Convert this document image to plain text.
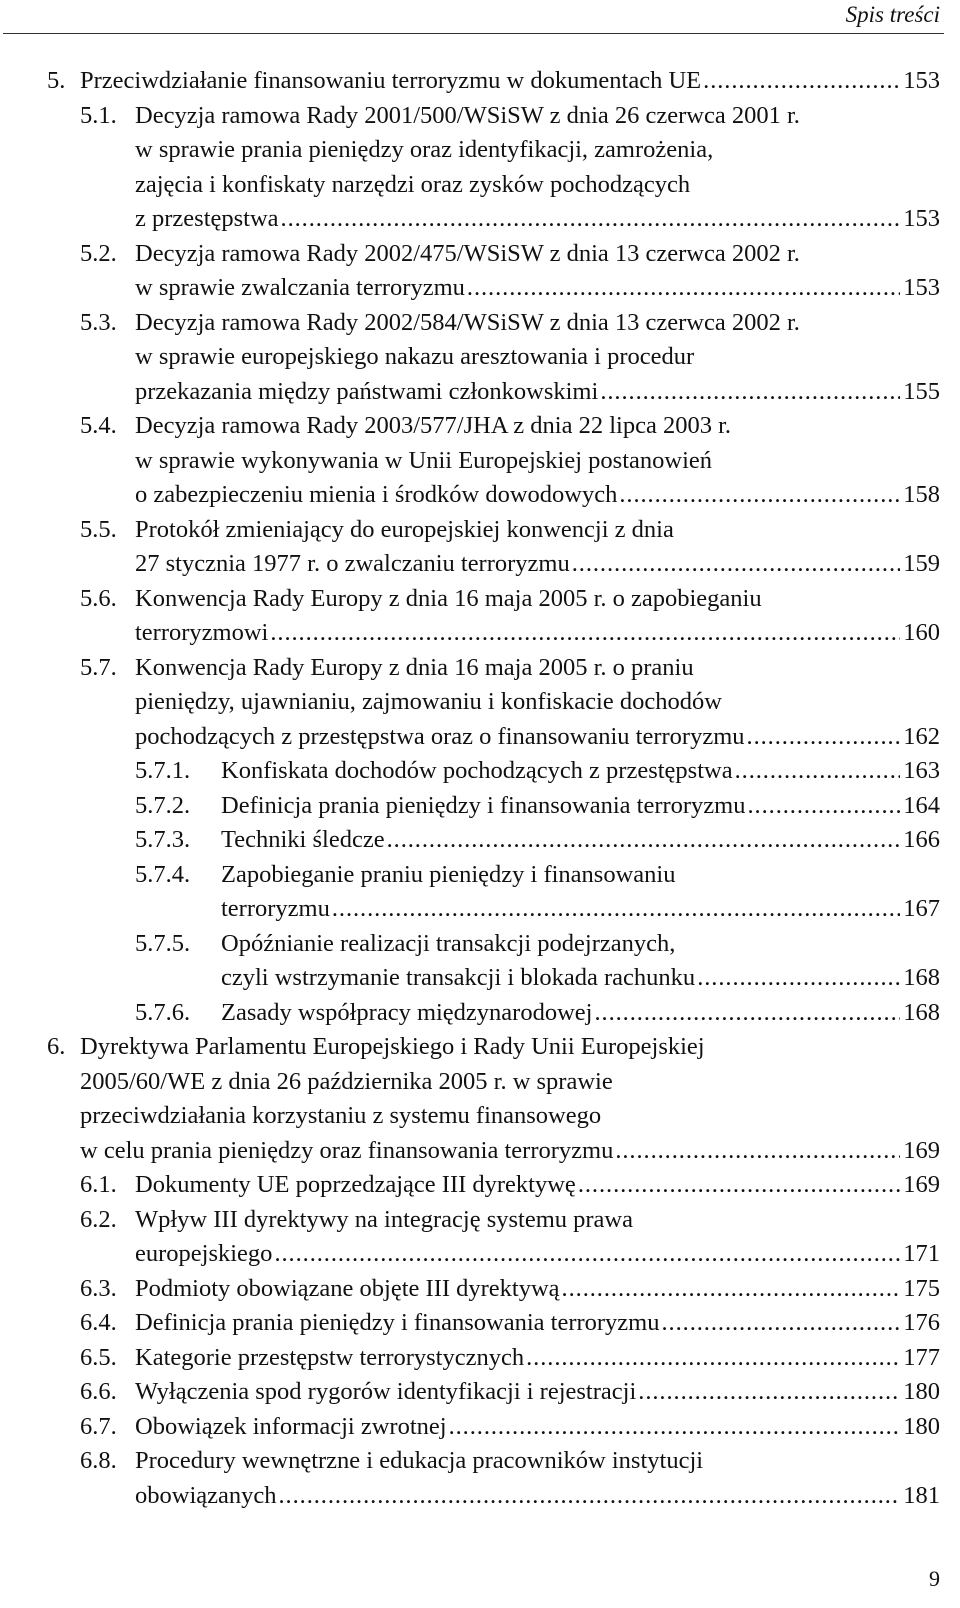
Spis treści
5. Przeciwdziałanie finansowaniu terroryzmu w dokumentach UE . . .	153
5.1. Decyzja ramowa Rady 2001/500/WSiSW z dnia 26 czerwca 2001 r.
w sprawie prania pieniędzy oraz identyfikacji, zamrożenia,
zajęcia i konfiskaty narzędzi oraz zysków pochodzących
z przestępstwa . . .	153
5.2. Decyzja ramowa Rady 2002/475/WSiSW z dnia 13 czerwca 2002 r.
w sprawie zwalczania terroryzmu . . .	153
5.3. Decyzja ramowa Rady 2002/584/WSiSW z dnia 13 czerwca 2002 r.
w sprawie europejskiego nakazu aresztowania i procedur
przekazania między państwami członkowskimi . . .	155
5.4. Decyzja ramowa Rady 2003/577/JHA z dnia 22 lipca 2003 r.
w sprawie wykonywania w Unii Europejskiej postanowień
o zabezpieczeniu mienia i środków dowodowych . . .	158
5.5. Protokół zmieniający do europejskiej konwencji z dnia
27 stycznia 1977 r. o zwalczaniu terroryzmu . . .	159
5.6. Konwencja Rady Europy z dnia 16 maja 2005 r. o zapobieganiu
terroryzmowi . . .	160
5.7. Konwencja Rady Europy z dnia 16 maja 2005 r. o praniu
pieniędzy, ujawnianiu, zajmowaniu i konfiskacie dochodów
pochodzących z przestępstwa oraz o finansowaniu terroryzmu . . .	162
5.7.1. Konfiskata dochodów pochodzących z przestępstwa . . .	163
5.7.2. Definicja prania pieniędzy i finansowania terroryzmu . . .	164
5.7.3. Techniki śledcze . . .	166
5.7.4. Zapobieganie praniu pieniędzy i finansowaniu
terroryzmu . . .	167
5.7.5. Opóźnianie realizacji transakcji podejrzanych,
czyli wstrzymanie transakcji i blokada rachunku . . .	168
5.7.6. Zasady współpracy międzynarodowej . . .	168
6. Dyrektywa Parlamentu Europejskiego i Rady Unii Europejskiej
2005/60/WE z dnia 26 października 2005 r. w sprawie
przeciwdziałania korzystaniu z systemu finansowego
w celu prania pieniędzy oraz finansowania terroryzmu . . .	169
6.1. Dokumenty UE poprzedzające III dyrektywę . . .	169
6.2. Wpływ III dyrektywy na integrację systemu prawa
europejskiego . . .	171
6.3. Podmioty obowiązane objęte III dyrektywą . . .	175
6.4. Definicja prania pieniędzy i finansowania terroryzmu . . .	176
6.5. Kategorie przestępstw terrorystycznych . . .	177
6.6. Wyłączenia spod rygorów identyfikacji i rejestracji . . .	180
6.7. Obowiązek informacji zwrotnej . . .	180
6.8. Procedury wewnętrzne i edukacja pracowników instytucji
obowiązanych . . .	181
9
